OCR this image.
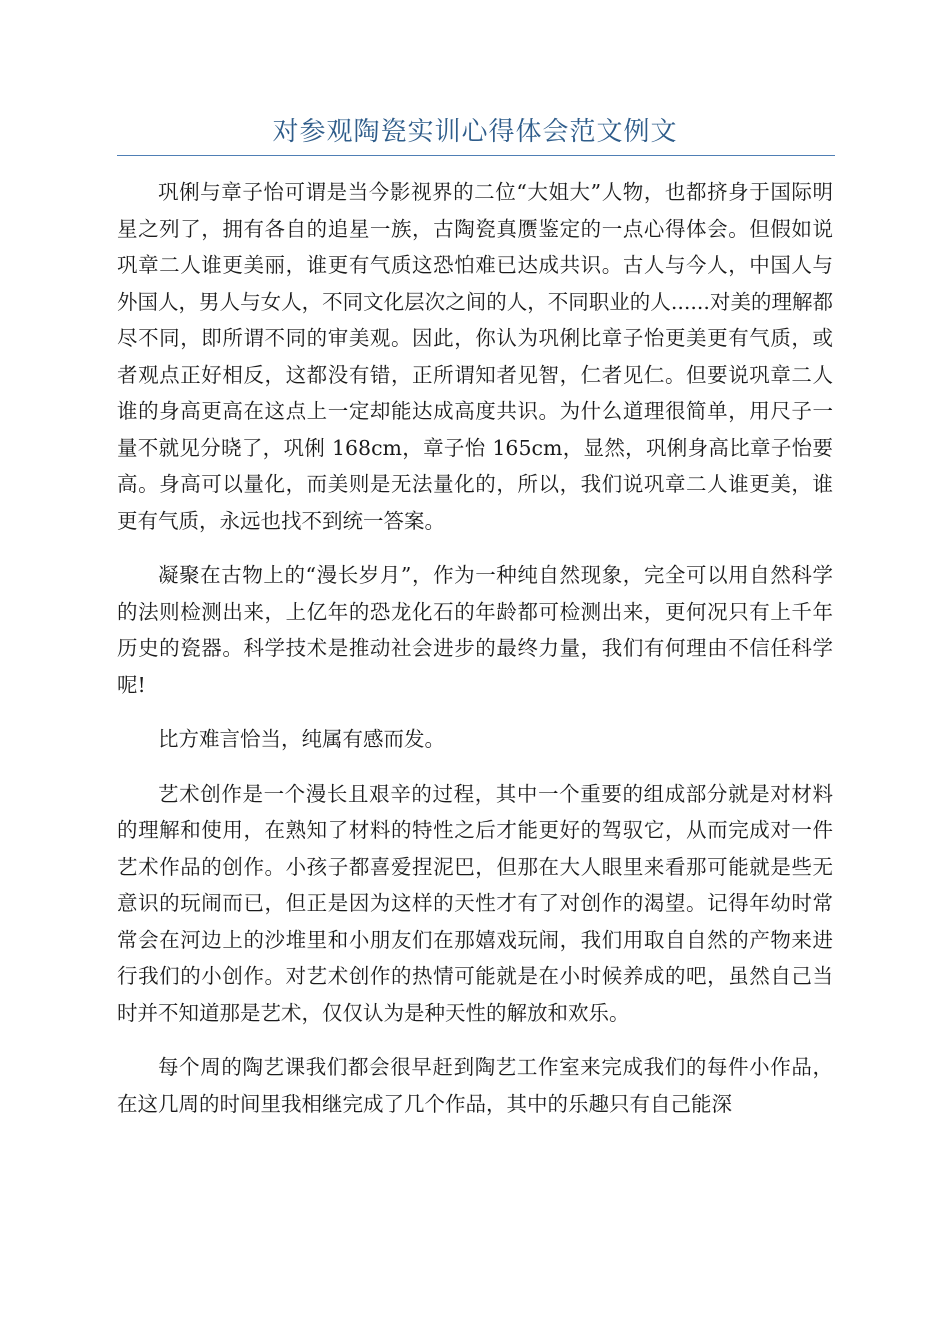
对参观陶瓷实训心得体会范文例文

巩俐与章子怡可谓是当今影视界的二位“大姐大”人物，也都挤身于国际明星之列了，拥有各自的追星一族，古陶瓷真赝鉴定的一点心得体会。但假如说巩章二人谁更美丽，谁更有气质这恐怕难已达成共识。古人与今人，中国人与外国人，男人与女人，不同文化层次之间的人，不同职业的人......对美的理解都尽不同，即所谓不同的审美观。因此，你认为巩俐比章子怡更美更有气质，或者观点正好相反，这都没有错，正所谓知者见智，仁者见仁。但要说巩章二人谁的身高更高在这点上一定却能达成高度共识。为什么道理很简单，用尺子一量不就见分晓了，巩俐 168cm，章子怡 165cm，显然，巩俐身高比章子怡要高。身高可以量化，而美则是无法量化的，所以，我们说巩章二人谁更美，谁更有气质，永远也找不到统一答案。

凝聚在古物上的“漫长岁月”，作为一种纯自然现象，完全可以用自然科学的法则检测出来，上亿年的恐龙化石的年龄都可检测出来，更何况只有上千年历史的瓷器。科学技术是推动社会进步的最终力量，我们有何理由不信任科学呢!

比方难言恰当，纯属有感而发。

艺术创作是一个漫长且艰辛的过程，其中一个重要的组成部分就是对材料的理解和使用，在熟知了材料的特性之后才能更好的驾驭它，从而完成对一件艺术作品的创作。小孩子都喜爱捏泥巴，但那在大人眼里来看那可能就是些无意识的玩闹而已，但正是因为这样的天性才有了对创作的渴望。记得年幼时常常会在河边上的沙堆里和小朋友们在那嬉戏玩闹，我们用取自自然的产物来进行我们的小创作。对艺术创作的热情可能就是在小时候养成的吧，虽然自己当时并不知道那是艺术，仅仅认为是种天性的解放和欢乐。

每个周的陶艺课我们都会很早赶到陶艺工作室来完成我们的每件小作品，在这几周的时间里我相继完成了几个作品，其中的乐趣只有自己能深
